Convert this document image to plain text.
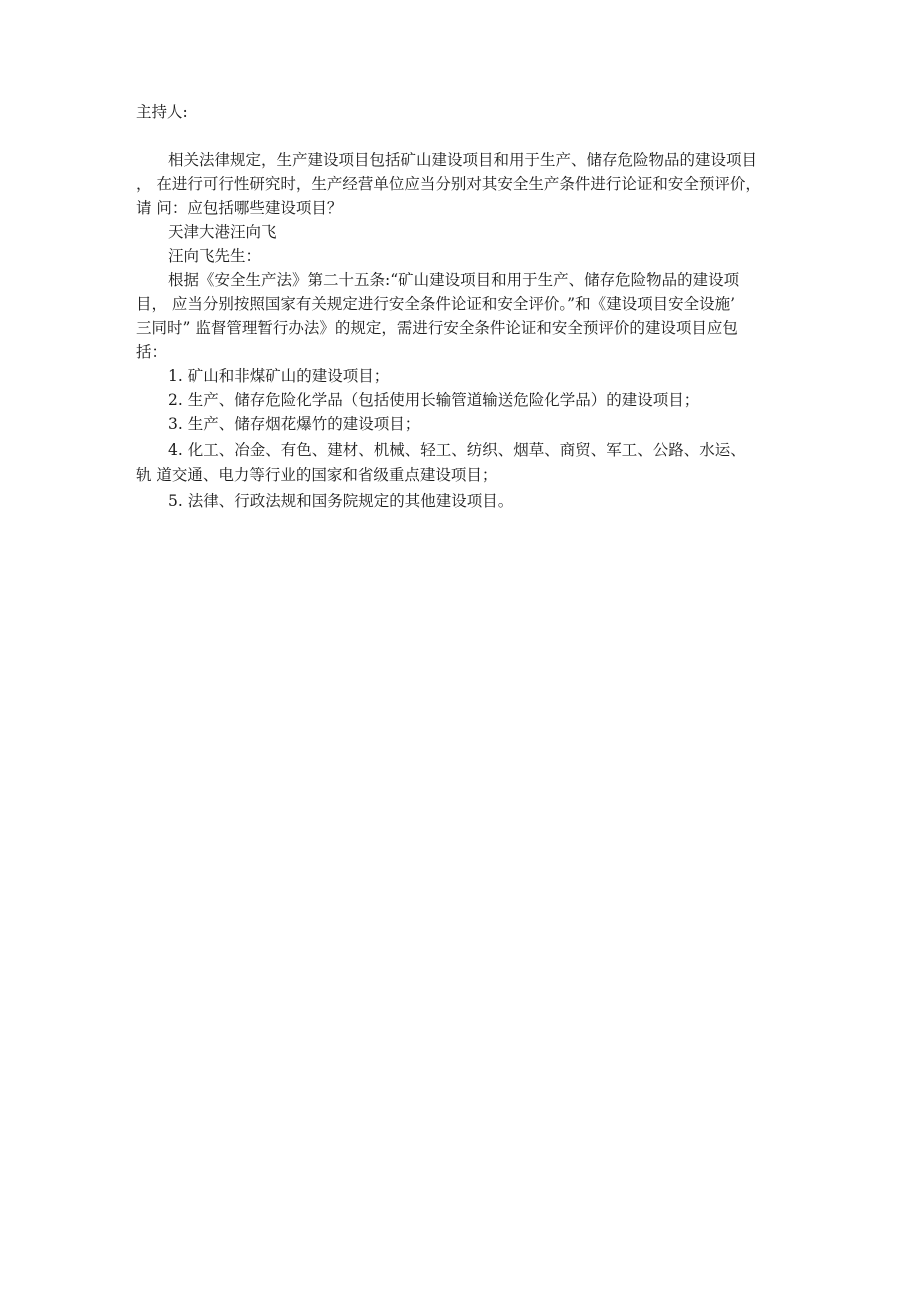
主持人:
相关法律规定，生产建设项目包括矿山建设项目和用于生产、储存危险物品的建设项目
， 在进行可行性研究时，生产经营单位应当分别对其安全生产条件进行论证和安全预评价，
请 问：应包括哪些建设项目？
天津大港汪向飞
汪向飞先生：
根据《安全生产法》第二十五条:“矿山建设项目和用于生产、储存危险物品的建设项
目， 应当分别按照国家有关规定进行安全条件论证和安全评价。”和《建设项目安全设施’
三同时” 监督管理暂行办法》的规定，需进行安全条件论证和安全预评价的建设项目应包
括：
1. 矿山和非煤矿山的建设项目；
2. 生产、储存危险化学品（包括使用长输管道输送危险化学品）的建设项目；
3. 生产、储存烟花爆竹的建设项目；
4. 化工、冶金、有色、建材、机械、轻工、纺织、烟草、商贸、军工、公路、水运、
轨 道交通、电力等行业的国家和省级重点建设项目；
5. 法律、行政法规和国务院规定的其他建设项目。
